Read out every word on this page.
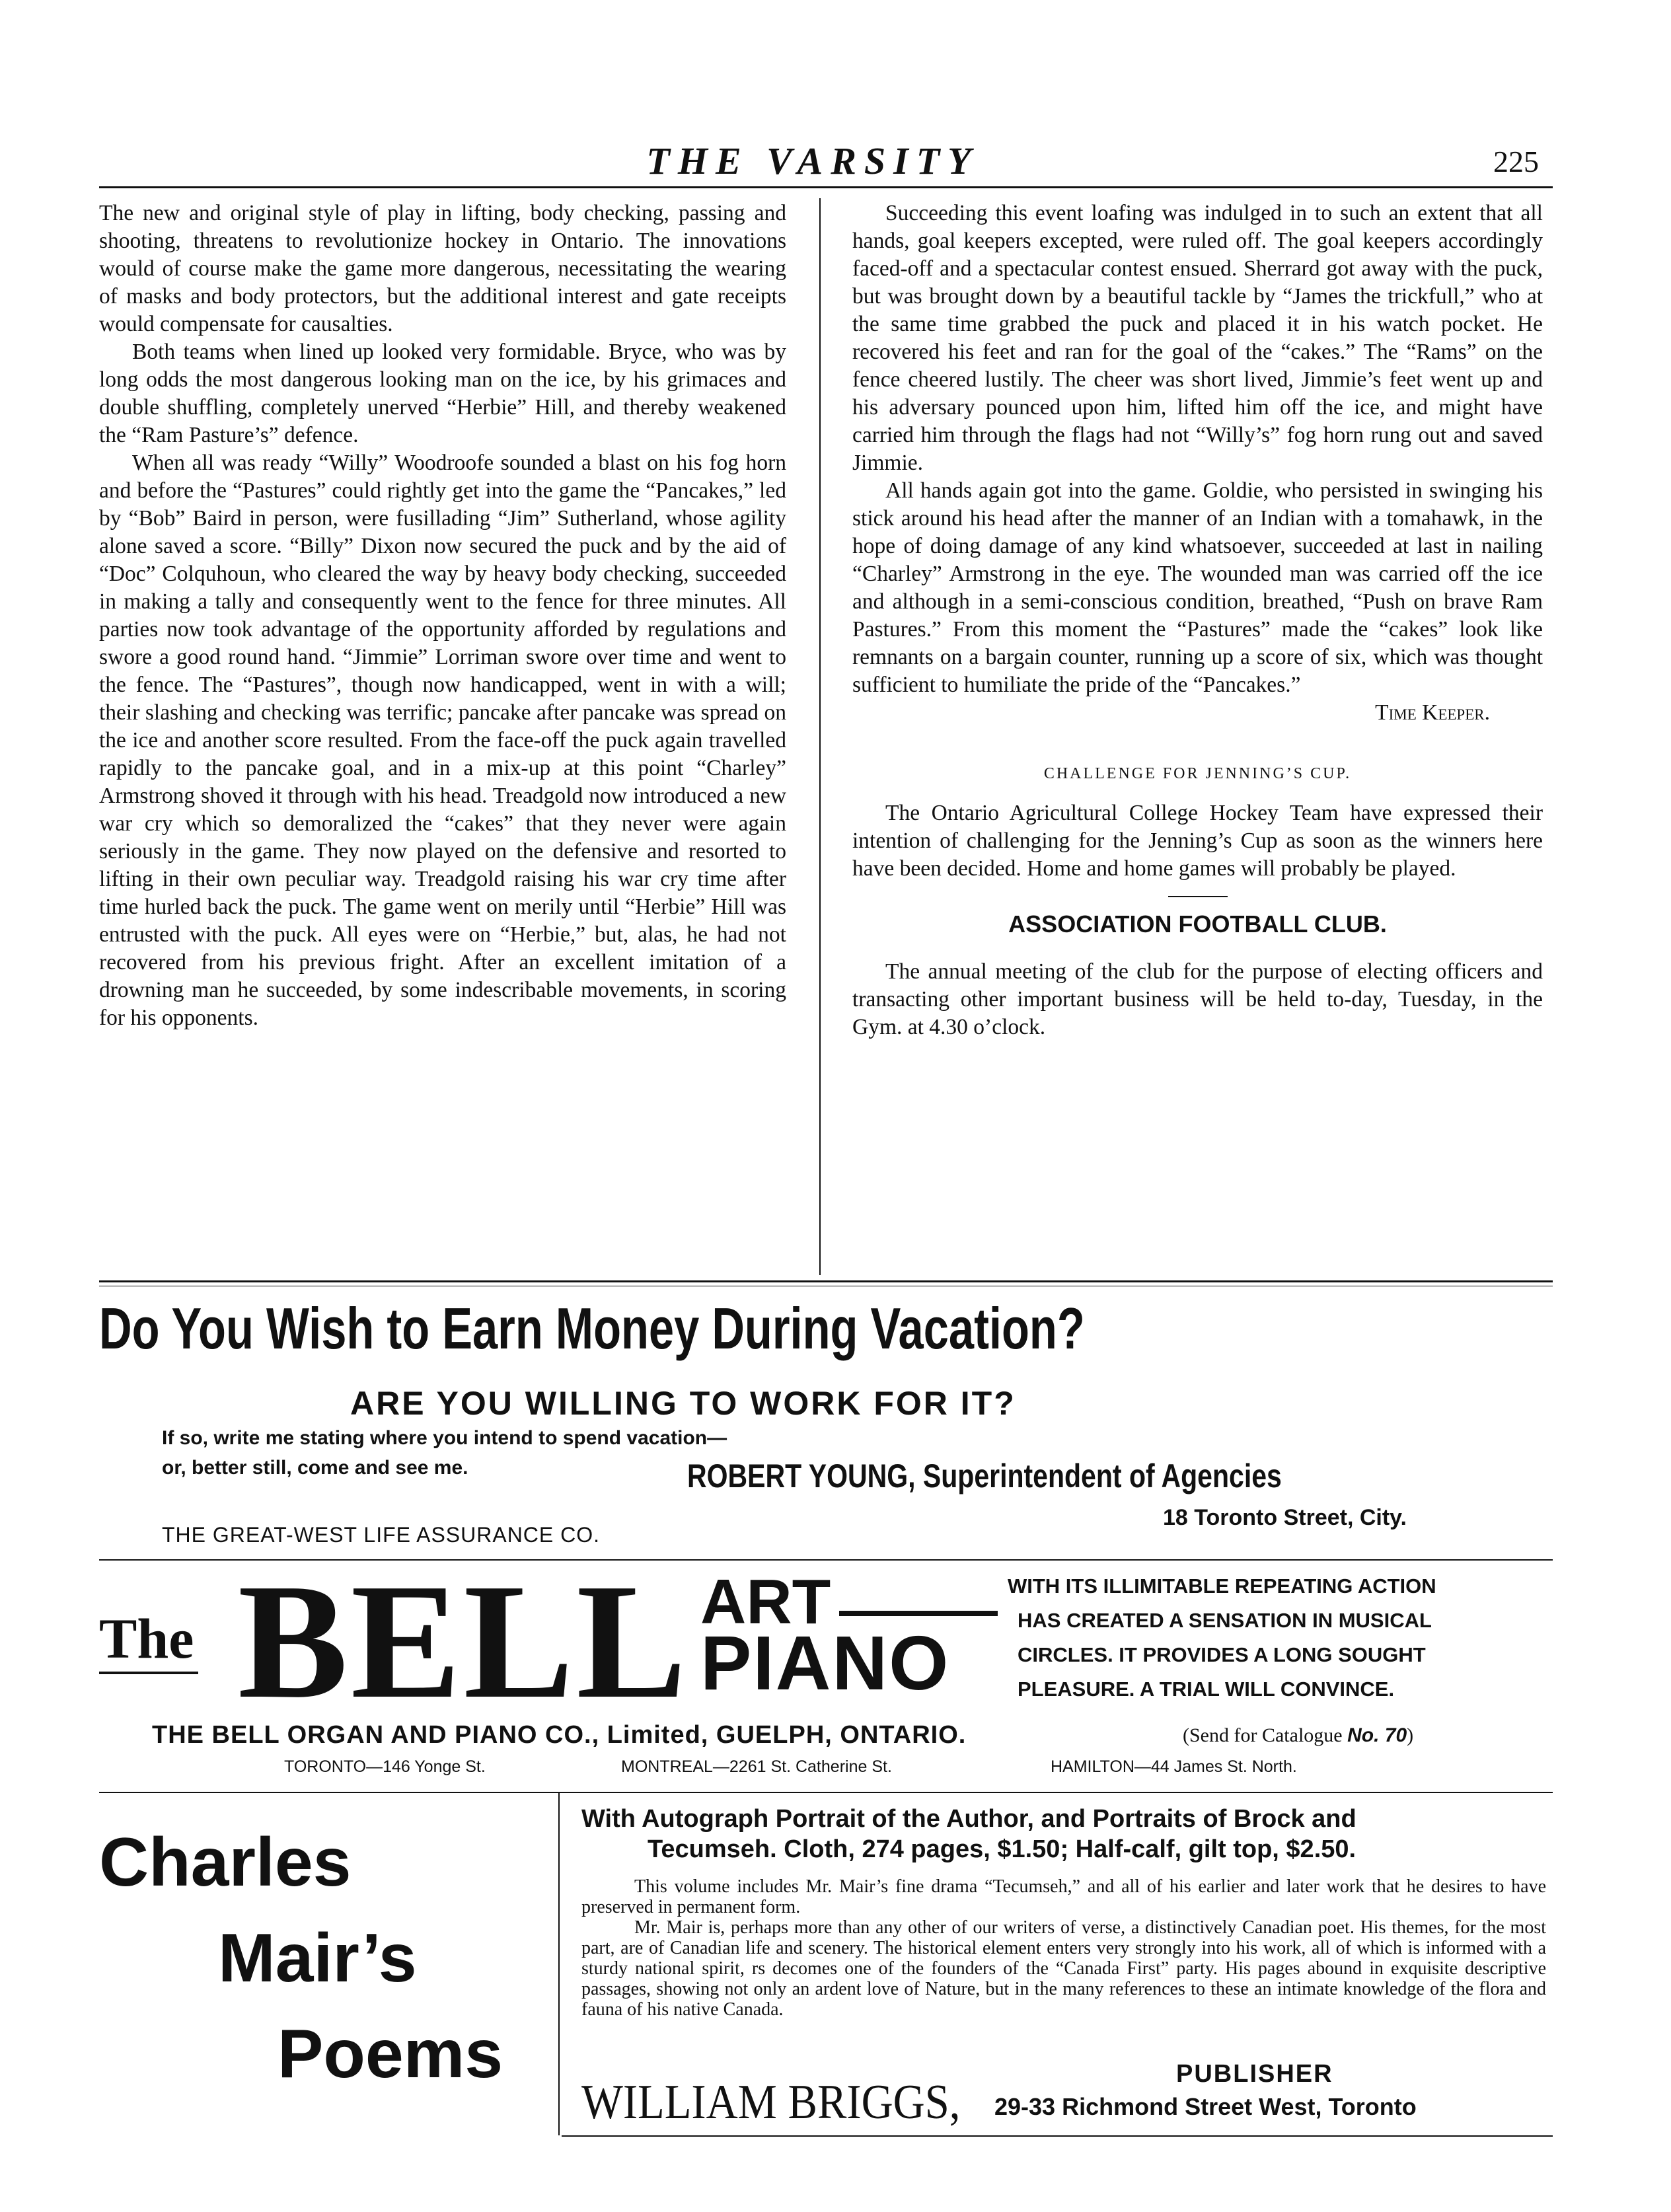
THE VARSITY	225

The new and original style of play in lifting, body checking, passing and shooting, threatens to revolutionize hockey in Ontario. The innovations would of course make the game more dangerous, necessitating the wearing of masks and body protectors, but the additional interest and gate receipts would compensate for causalties.

Both teams when lined up looked very formidable. Bryce, who was by long odds the most dangerous looking man on the ice, by his grimaces and double shuffling, completely unerved “Herbie” Hill, and thereby weakened the “Ram Pasture’s” defence.

When all was ready “Willy” Woodroofe sounded a blast on his fog horn and before the “Pastures” could rightly get into the game the “Pancakes,” led by “Bob” Baird in person, were fusillading “Jim” Sutherland, whose agility alone saved a score. “Billy” Dixon now secured the puck and by the aid of “Doc” Colquhoun, who cleared the way by heavy body checking, succeeded in making a tally and consequently went to the fence for three minutes. All parties now took advantage of the opportunity afforded by regulations and swore a good round hand. “Jimmie” Lorriman swore over time and went to the fence. The “Pastures”, though now handicapped, went in with a will; their slashing and checking was terrific; pancake after pancake was spread on the ice and another score resulted. From the face-off the puck again travelled rapidly to the pancake goal, and in a mix-up at this point “Charley” Armstrong shoved it through with his head. Treadgold now introduced a new war cry which so demoralized the “cakes” that they never were again seriously in the game. They now played on the defensive and resorted to lifting in their own peculiar way. Treadgold raising his war cry time after time hurled back the puck. The game went on merily until “Herbie” Hill was entrusted with the puck. All eyes were on “Herbie,” but, alas, he had not recovered from his previous fright. After an excellent imitation of a drowning man he succeeded, by some indescribable movements, in scoring for his opponents.

Succeeding this event loafing was indulged in to such an extent that all hands, goal keepers excepted, were ruled off. The goal keepers accordingly faced-off and a spectacular contest ensued. Sherrard got away with the puck, but was brought down by a beautiful tackle by “James the trickfull,” who at the same time grabbed the puck and placed it in his watch pocket. He recovered his feet and ran for the goal of the “cakes.” The “Rams” on the fence cheered lustily. The cheer was short lived, Jimmie’s feet went up and his adversary pounced upon him, lifted him off the ice, and might have carried him through the flags had not “Willy’s” fog horn rung out and saved Jimmie.

All hands again got into the game. Goldie, who persisted in swinging his stick around his head after the manner of an Indian with a tomahawk, in the hope of doing damage of any kind whatsoever, succeeded at last in nailing “Charley” Armstrong in the eye. The wounded man was carried off the ice and although in a semi-conscious condition, breathed, “Push on brave Ram Pastures.” From this moment the “Pastures” made the “cakes” look like remnants on a bargain counter, running up a score of six, which was thought sufficient to humiliate the pride of the “Pancakes.”

Time Keeper.

CHALLENGE FOR JENNING’S CUP.

The Ontario Agricultural College Hockey Team have expressed their intention of challenging for the Jenning’s Cup as soon as the winners here have been decided. Home and home games will probably be played.

ASSOCIATION FOOTBALL CLUB.

The annual meeting of the club for the purpose of electing officers and transacting other important business will be held to-day, Tuesday, in the Gym. at 4.30 o’clock.

Do You Wish to Earn Money During Vacation?
ARE YOU WILLING TO WORK FOR IT?
If so, write me stating where you intend to spend vacation—
or, better still, come and see me.	ROBERT YOUNG, Superintendent of Agencies
18 Toronto Street, City.
THE GREAT-WEST LIFE ASSURANCE CO.
The BELL ART
PIANO
WITH ITS ILLIMITABLE REPEATING ACTION
HAS CREATED A SENSATION IN MUSICAL
CIRCLES. IT PROVIDES A LONG SOUGHT
PLEASURE. A TRIAL WILL CONVINCE.
THE BELL ORGAN AND PIANO CO., Limited, GUELPH, ONTARIO.	(Send for Catalogue No. 70)
TORONTO—146 Yonge St.	MONTREAL—2261 St. Catherine St.	HAMILTON—44 James St. North.
Charles
Mair’s
Poems
With Autograph Portrait of the Author, and Portraits of Brock and
Tecumseh. Cloth, 274 pages, $1.50; Half-calf, gilt top, $2.50.

This volume includes Mr. Mair’s fine drama “Tecumseh,” and all of his earlier and later work that he desires to have preserved in permanent form.

Mr. Mair is, perhaps more than any other of our writers of verse, a distinctively Canadian poet. His themes, for the most part, are of Canadian life and scenery. The historical element enters very strongly into his work, all of which is informed with a sturdy national spirit, rs decomes one of the founders of the “Canada First” party. His pages abound in exquisite descriptive passages, showing not only an ardent love of Nature, but in the many references to these an intimate knowledge of the flora and fauna of his native Canada.

PUBLISHER
WILLIAM BRIGGS, 29-33 Richmond Street West, Toronto
